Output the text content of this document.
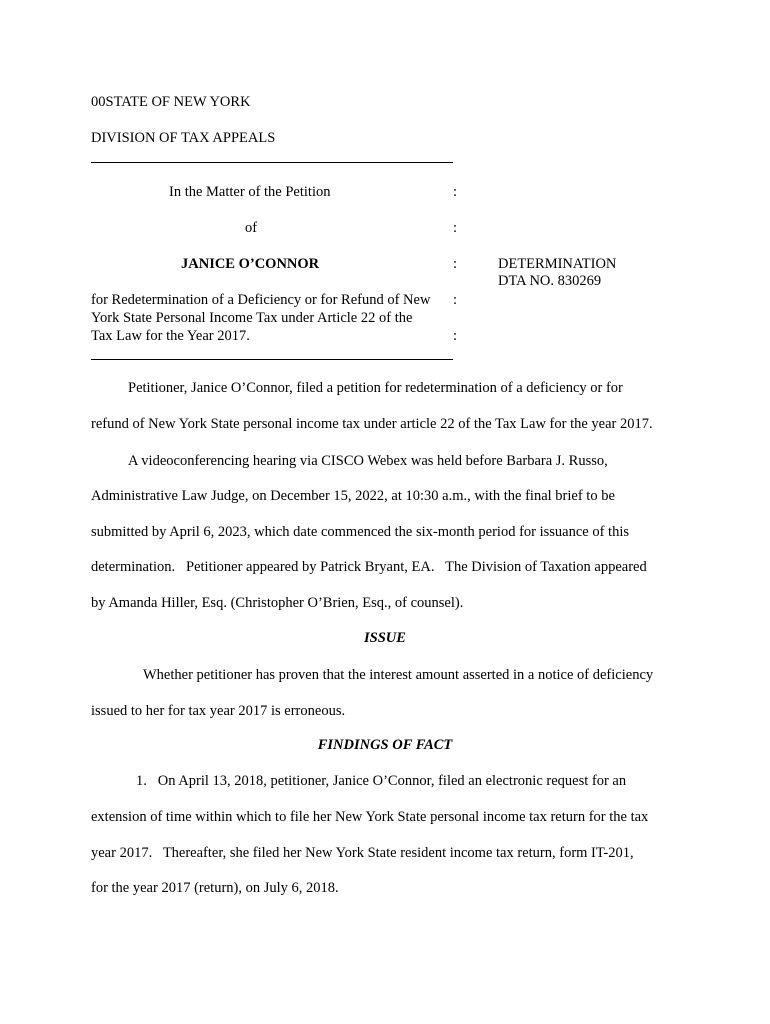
00STATE OF NEW YORK
DIVISION OF TAX APPEALS
In the Matter of the Petition	:
of	:
JANICE O’CONNOR	:	DETERMINATION
DTA NO. 830269
for Redetermination of a Deficiency or for Refund of New :
York State Personal Income Tax under Article 22 of the
Tax Law for the Year 2017.	:
Petitioner, Janice O’Connor, filed a petition for redetermination of a deficiency or for
refund of New York State personal income tax under article 22 of the Tax Law for the year 2017.
A videoconferencing hearing via CISCO Webex was held before Barbara J. Russo,
Administrative Law Judge, on December 15, 2022, at 10:30 a.m., with the final brief to be
submitted by April 6, 2023, which date commenced the six-month period for issuance of this
determination.   Petitioner appeared by Patrick Bryant, EA.   The Division of Taxation appeared
by Amanda Hiller, Esq. (Christopher O’Brien, Esq., of counsel).
ISSUE
Whether petitioner has proven that the interest amount asserted in a notice of deficiency
issued to her for tax year 2017 is erroneous.
FINDINGS OF FACT
1.   On April 13, 2018, petitioner, Janice O’Connor, filed an electronic request for an
extension of time within which to file her New York State personal income tax return for the tax
year 2017.   Thereafter, she filed her New York State resident income tax return, form IT-201,
for the year 2017 (return), on July 6, 2018.
